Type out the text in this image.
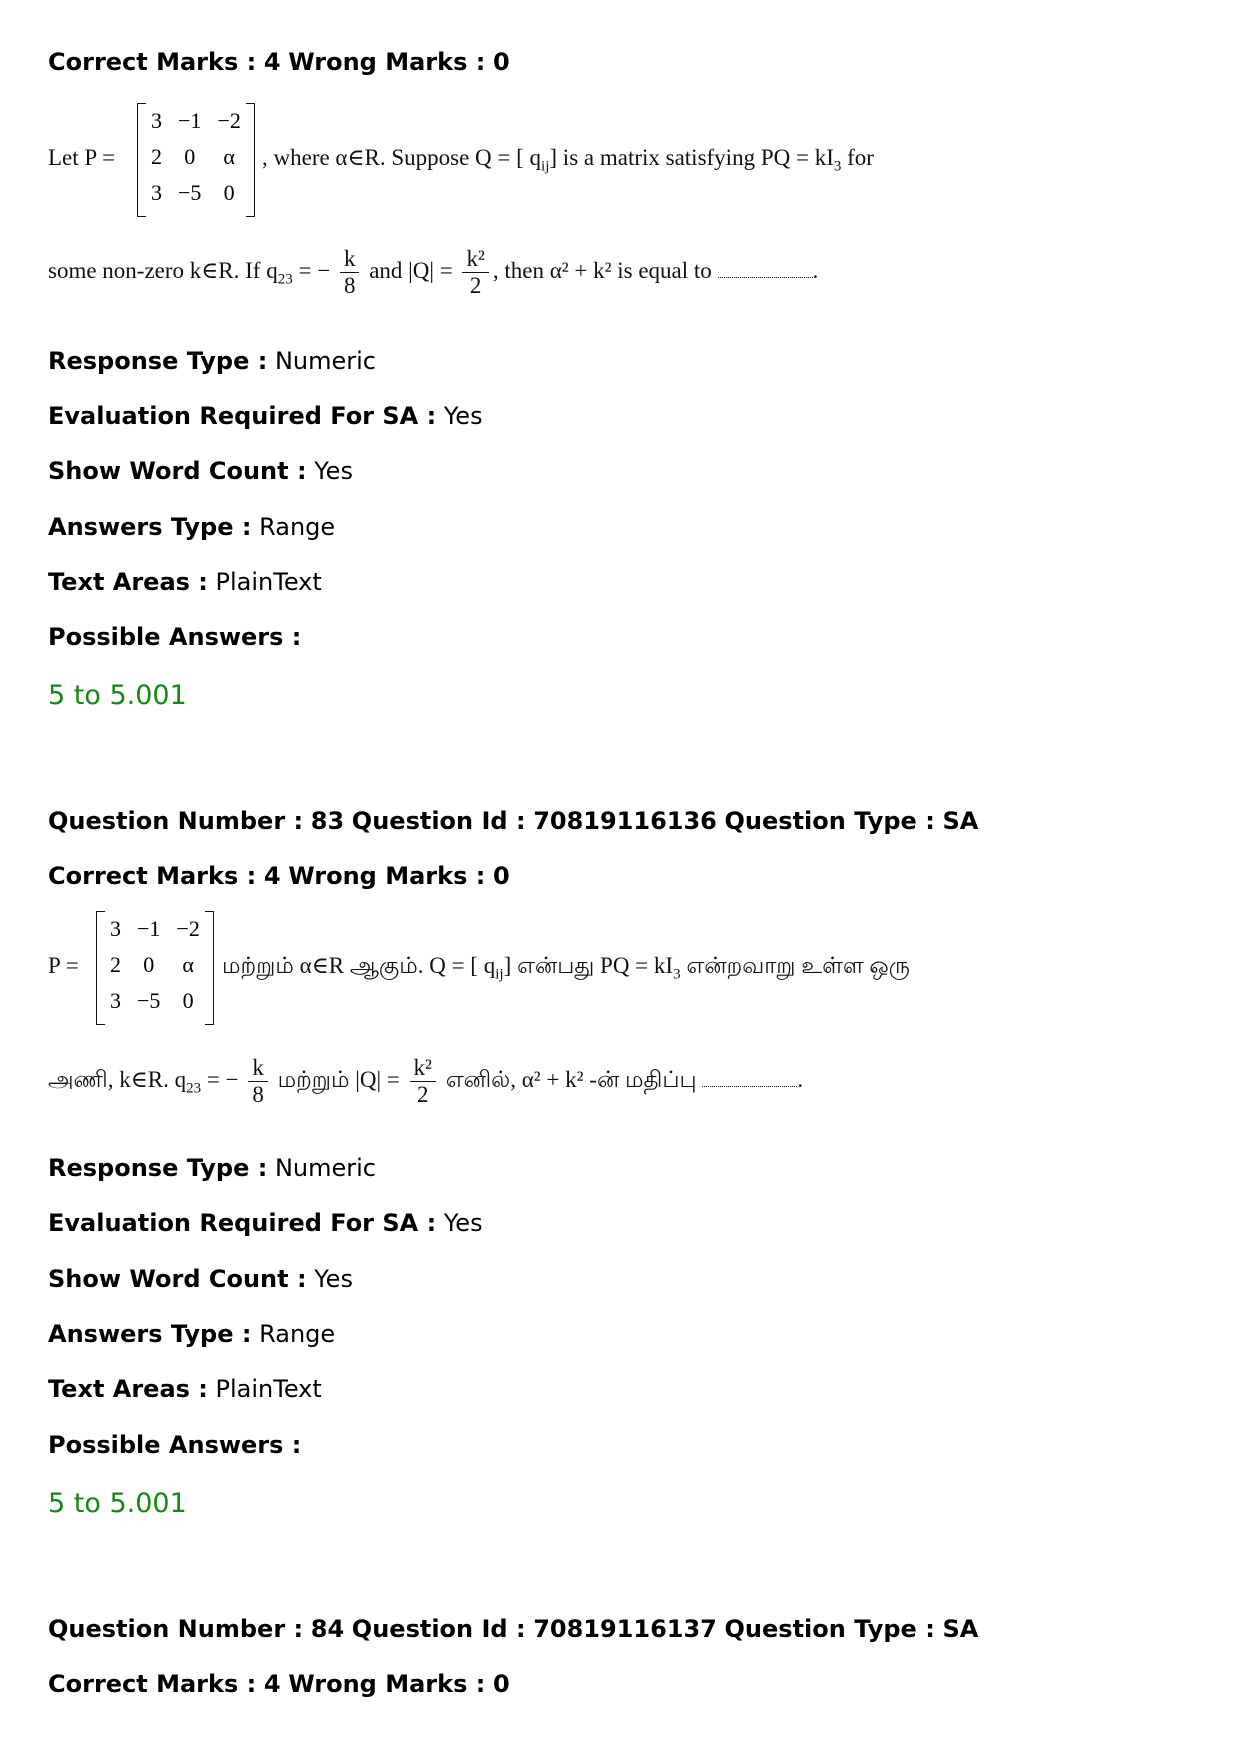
Correct Marks : 4 Wrong Marks : 0
Let P =
3	−1	−2
2	0	α
3	−5	0
, where α∈R. Suppose Q = [ $q_{ij}$] is a matrix satisfying PQ = $kI_3$ for
some non-zero k∈R. If $q_{23}$ = − $\frac{k}{8}$ and $|Q| = \frac{\text{k²}}{2}$ , then α² + k² is equal to	.
Response Type : Numeric
Evaluation Required For SA : Yes
Show Word Count : Yes
Answers Type : Range
Text Areas : PlainText
Possible Answers :
5 to 5.001
Question Number : 83 Question Id : 70819116136 Question Type : SA
Correct Marks : 4 Wrong Marks : 0
P =
3	−1	−2
2	0	α
3	−5	0
மற்றும் α∈R ஆகும். Q = [ $q_{ij}$] என்பது PQ = $kI_3$ என்றவாறு உள்ள ஒரு
அணி, k∈R. $q_{23}$ = − $\frac{k}{8}$ மற்றும் $|Q| = \frac{\text{k²}}{2}$ எனில், α² + k² -ன் மதிப்பு	.
Response Type : Numeric
Evaluation Required For SA : Yes
Show Word Count : Yes
Answers Type : Range
Text Areas : PlainText
Possible Answers :
5 to 5.001
Question Number : 84 Question Id : 70819116137 Question Type : SA
Correct Marks : 4 Wrong Marks : 0
